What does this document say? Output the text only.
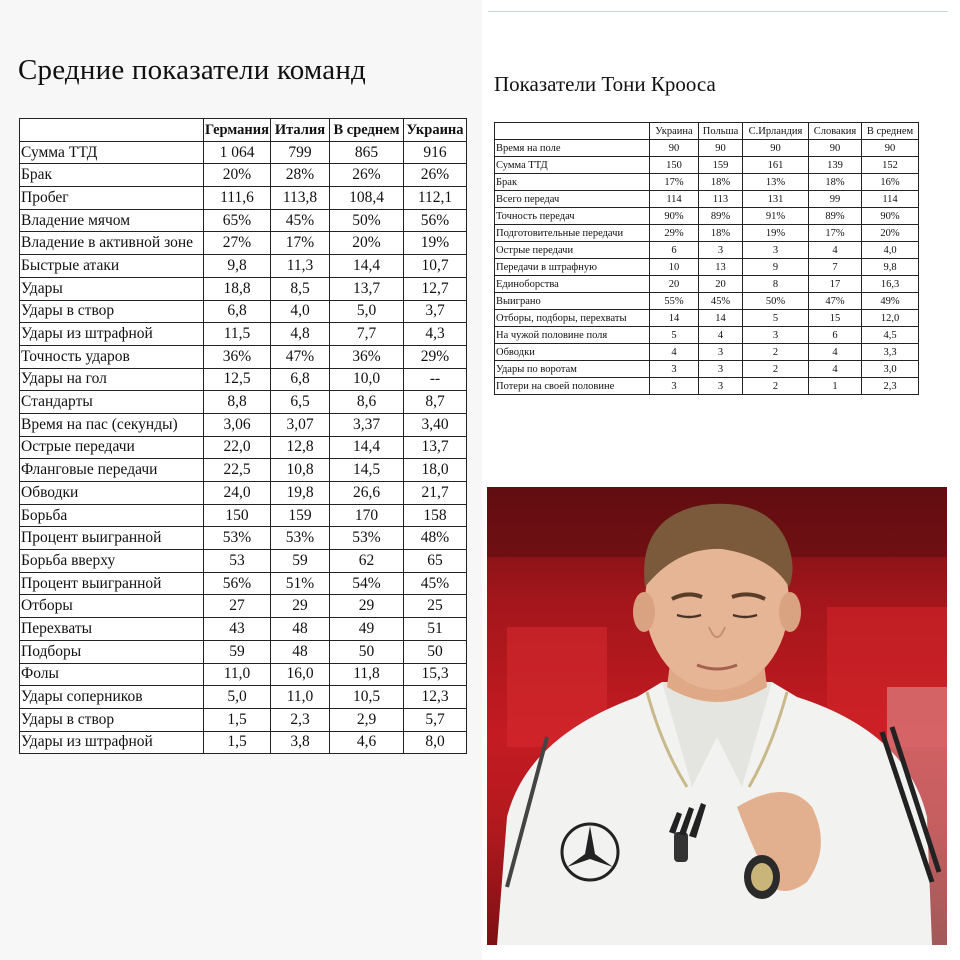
Средние показатели команд
	Германия	Италия	В среднем	Украина
Сумма ТТД	1 064	799	865	916
Брак	20%	28%	26%	26%
Пробег	111,6	113,8	108,4	112,1
Владение мячом	65%	45%	50%	56%
Владение в активной зоне	27%	17%	20%	19%
Быстрые атаки	9,8	11,3	14,4	10,7
Удары	18,8	8,5	13,7	12,7
Удары в створ	6,8	4,0	5,0	3,7
Удары из штрафной	11,5	4,8	7,7	4,3
Точность ударов	36%	47%	36%	29%
Удары на гол	12,5	6,8	10,0	--
Стандарты	8,8	6,5	8,6	8,7
Время на пас (секунды)	3,06	3,07	3,37	3,40
Острые передачи	22,0	12,8	14,4	13,7
Фланговые передачи	22,5	10,8	14,5	18,0
Обводки	24,0	19,8	26,6	21,7
Борьба	150	159	170	158
Процент выигранной	53%	53%	53%	48%
Борьба вверху	53	59	62	65
Процент выигранной	56%	51%	54%	45%
Отборы	27	29	29	25
Перехваты	43	48	49	51
Подборы	59	48	50	50
Фолы	11,0	16,0	11,8	15,3
Удары соперников	5,0	11,0	10,5	12,3
Удары в створ	1,5	2,3	2,9	5,7
Удары из штрафной	1,5	3,8	4,6	8,0
Показатели Тони Крооса
	Украина	Польша	С.Ирландия	Словакия	В среднем
Время на поле	90	90	90	90	90
Сумма ТТД	150	159	161	139	152
Брак	17%	18%	13%	18%	16%
Всего передач	114	113	131	99	114
Точность передач	90%	89%	91%	89%	90%
Подготовительные передачи	29%	18%	19%	17%	20%
Острые передачи	6	3	3	4	4,0
Передачи в штрафную	10	13	9	7	9,8
Единоборства	20	20	8	17	16,3
Выиграно	55%	45%	50%	47%	49%
Отборы, подборы, перехваты	14	14	5	15	12,0
На чужой половине поля	5	4	3	6	4,5
Обводки	4	3	2	4	3,3
Удары по воротам	3	3	2	4	3,0
Потери на своей половине	3	3	2	1	2,3
